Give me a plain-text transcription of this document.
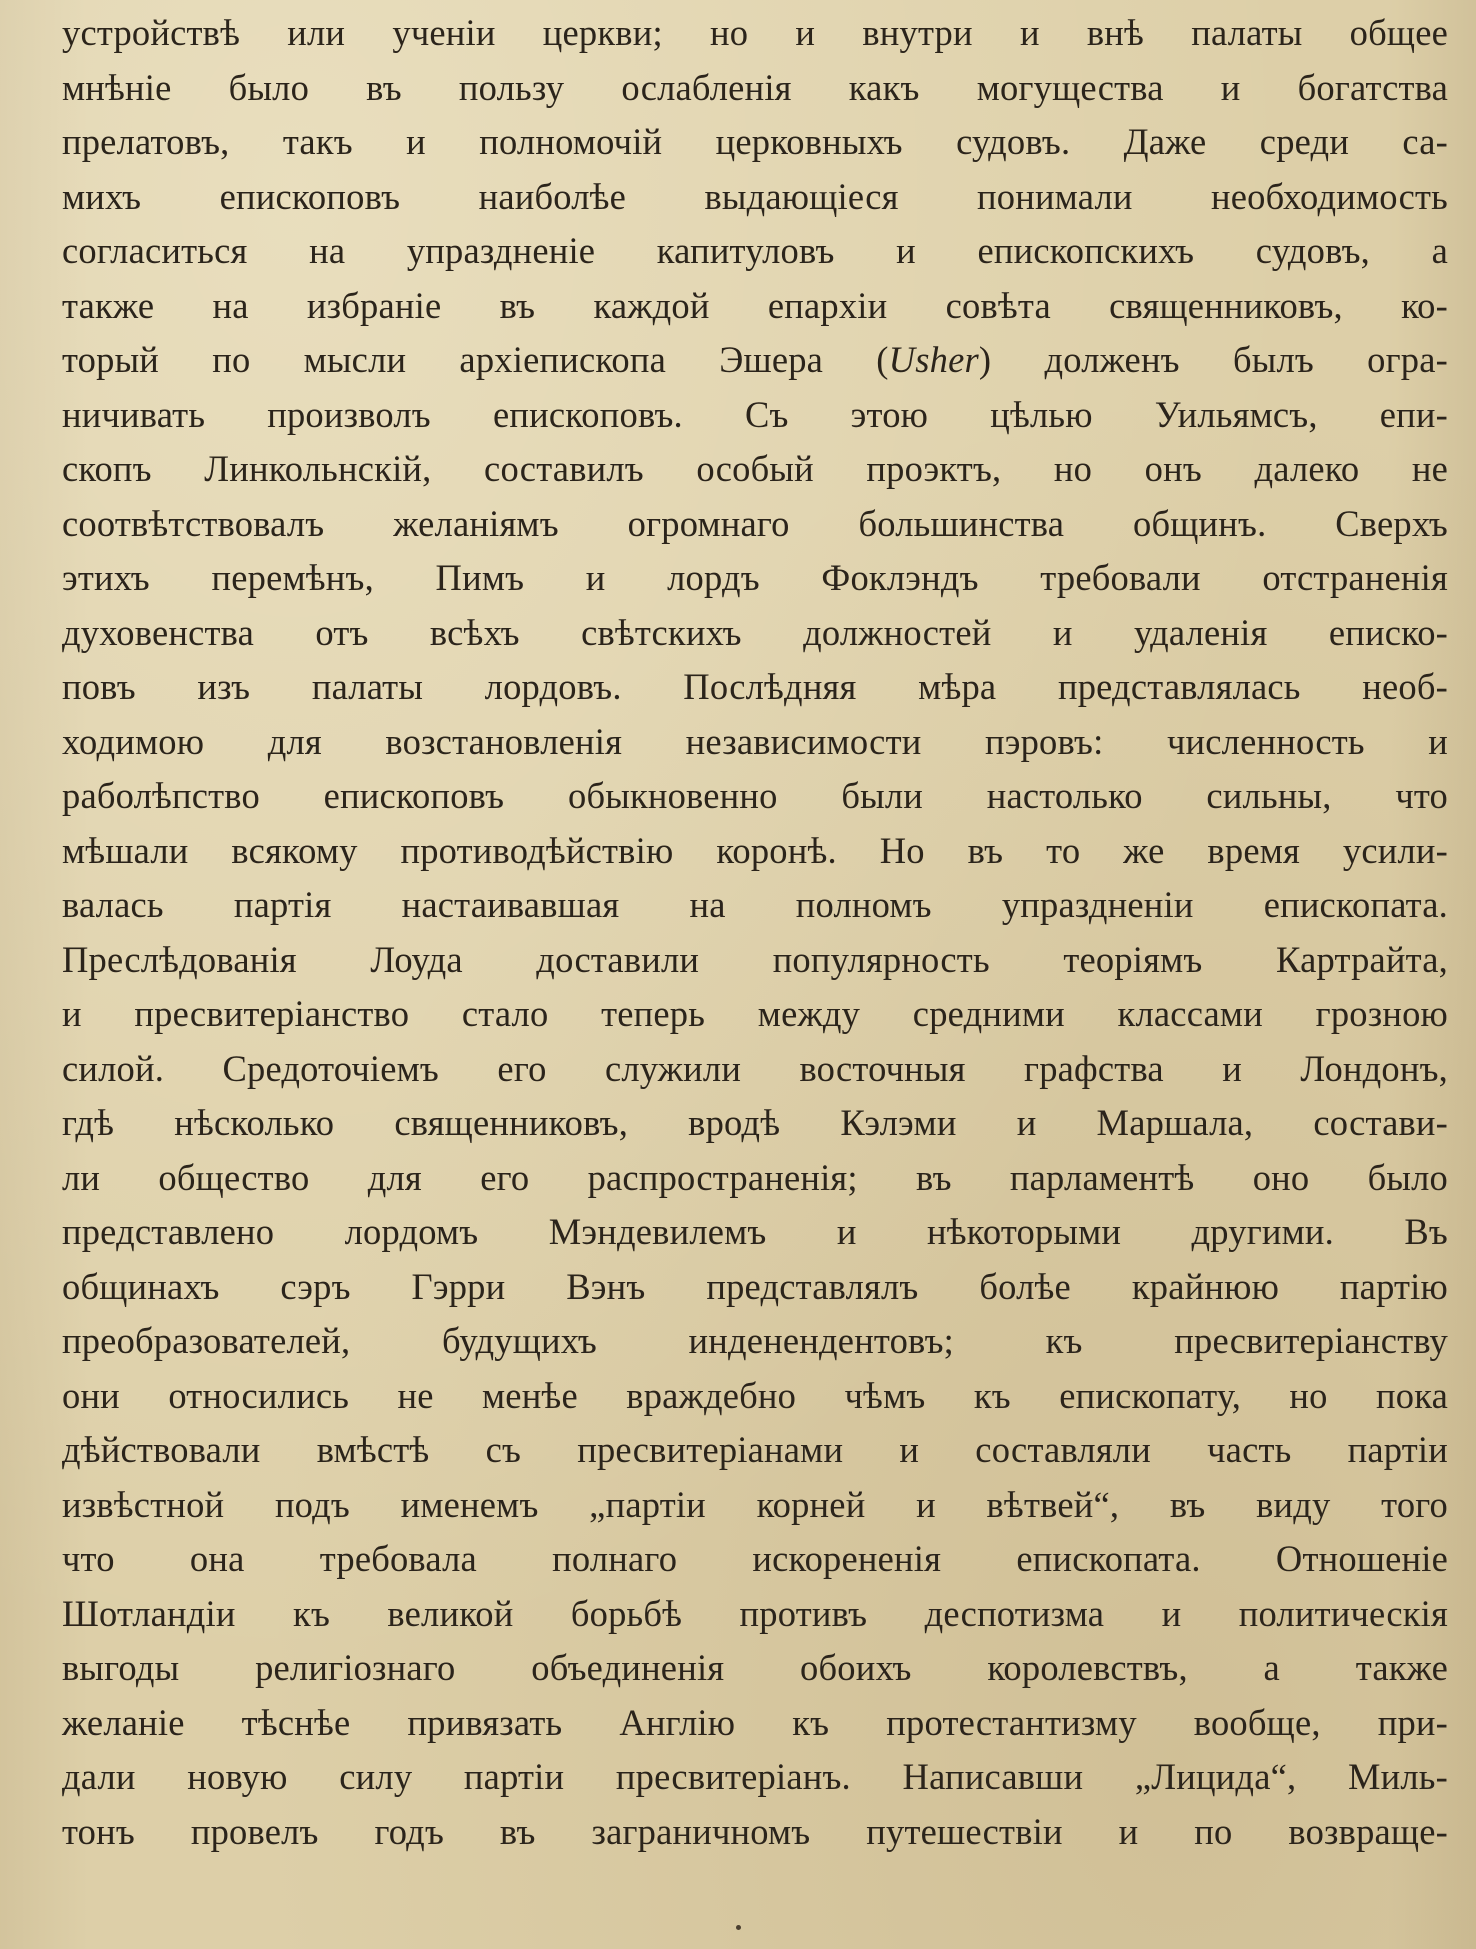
устройствѣ или ученіи церкви; но и внутри и внѣ палаты общее
мнѣніе было въ пользу ослабленія какъ могущества и богатства
прелатовъ, такъ и полномочій церковныхъ судовъ. Даже среди са-
михъ епископовъ наиболѣе выдающіеся понимали необходимость
согласиться на упраздненіе капитуловъ и епископскихъ судовъ, а
также на избраніе въ каждой епархіи совѣта священниковъ, ко-
торый по мысли архіепископа Эшера (Usher) долженъ былъ огра-
ничивать произволъ епископовъ. Съ этою цѣлью Уильямсъ, епи-
скопъ Линкольнскій, составилъ особый проэктъ, но онъ далеко не
соотвѣтствовалъ желаніямъ огромнаго большинства общинъ. Сверхъ
этихъ перемѣнъ, Пимъ и лордъ Фоклэндъ требовали отстраненія
духовенства отъ всѣхъ свѣтскихъ должностей и удаленія еписко-
повъ изъ палаты лордовъ. Послѣдняя мѣра представлялась необ-
ходимою для возстановленія независимости пэровъ: численность и
раболѣпство епископовъ обыкновенно были настолько сильны, что
мѣшали всякому противодѣйствію коронѣ. Но въ то же время усили-
валась партія настаивавшая на полномъ упраздненіи епископата.
Преслѣдованія Лоуда доставили популярность теоріямъ Картрайта,
и пресвитеріанство стало теперь между средними классами грозною
силой. Средоточіемъ его служили восточныя графства и Лондонъ,
гдѣ нѣсколько священниковъ, вродѣ Кэлэми и Маршала, состави-
ли общество для его распространенія; въ парламентѣ оно было
представлено лордомъ Мэндевилемъ и нѣкоторыми другими. Въ
общинахъ сэръ Гэрри Вэнъ представлялъ болѣе крайнюю партію
преобразователей, будущихъ инденендентовъ; къ пресвитеріанству
они относились не менѣе враждебно чѣмъ къ епископату, но пока
дѣйствовали вмѣстѣ съ пресвитеріанами и составляли часть партіи
извѣстной подъ именемъ „партіи корней и вѣтвей“, въ виду того
что она требовала полнаго искорененія епископата. Отношеніе
Шотландіи къ великой борьбѣ противъ деспотизма и политическія
выгоды религіознаго объединенія обоихъ королевствъ, а также
желаніе тѣснѣе привязать Англію къ протестантизму вообще, при-
дали новую силу партіи пресвитеріанъ. Написавши „Лицида“, Миль-
тонъ провелъ годъ въ заграничномъ путешествіи и по возвраще-
